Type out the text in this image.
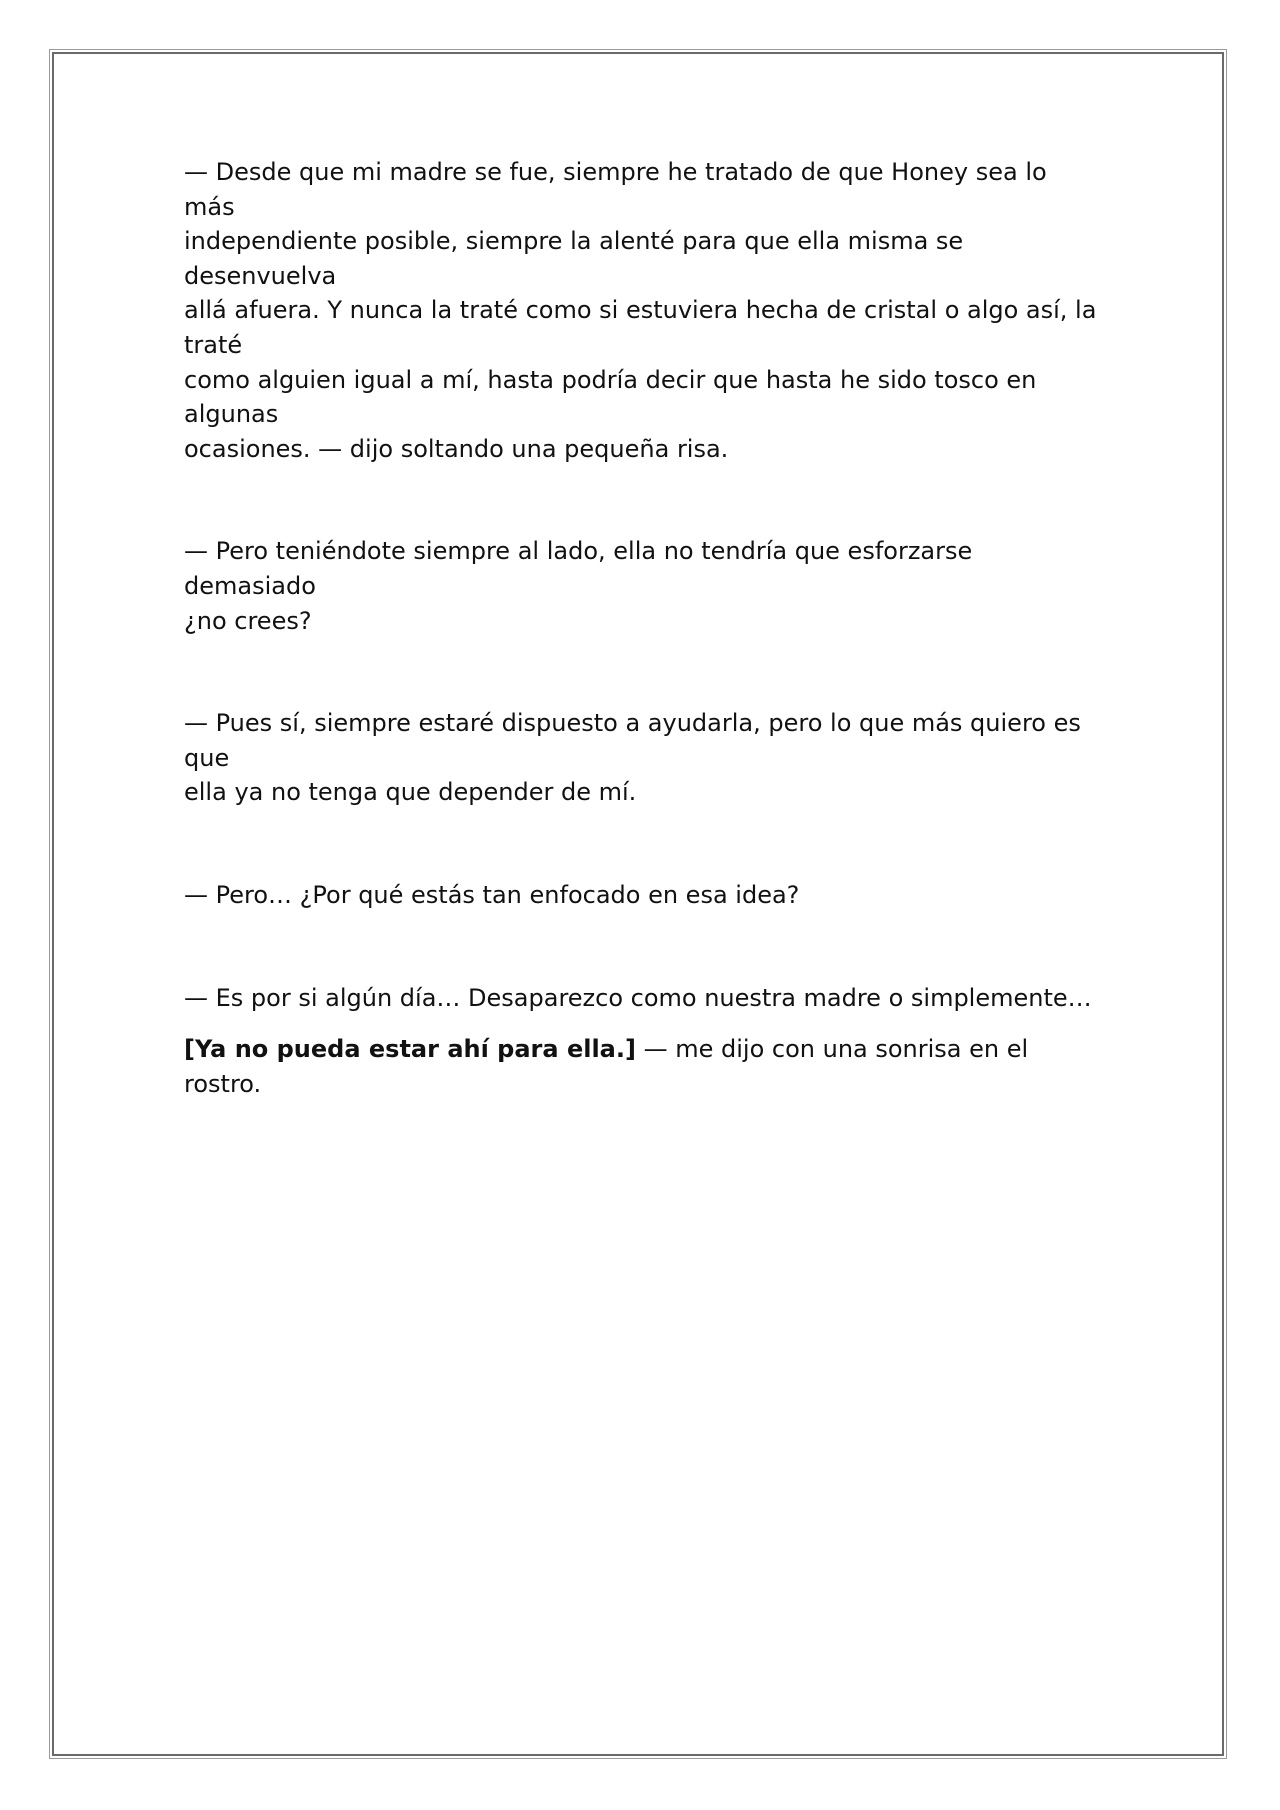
— Desde que mi madre se fue, siempre he tratado de que Honey sea lo más
independiente posible, siempre la alenté para que ella misma se desenvuelva
allá afuera. Y nunca la traté como si estuviera hecha de cristal o algo así, la traté
como alguien igual a mí, hasta podría decir que hasta he sido tosco en algunas
ocasiones. — dijo soltando una pequeña risa.

— Pero teniéndote siempre al lado, ella no tendría que esforzarse demasiado
¿no crees?

— Pues sí, siempre estaré dispuesto a ayudarla, pero lo que más quiero es que
ella ya no tenga que depender de mí.

— Pero… ¿Por qué estás tan enfocado en esa idea?

— Es por si algún día… Desaparezco como nuestra madre o simplemente…

[Ya no pueda estar ahí para ella.] — me dijo con una sonrisa en el rostro.
